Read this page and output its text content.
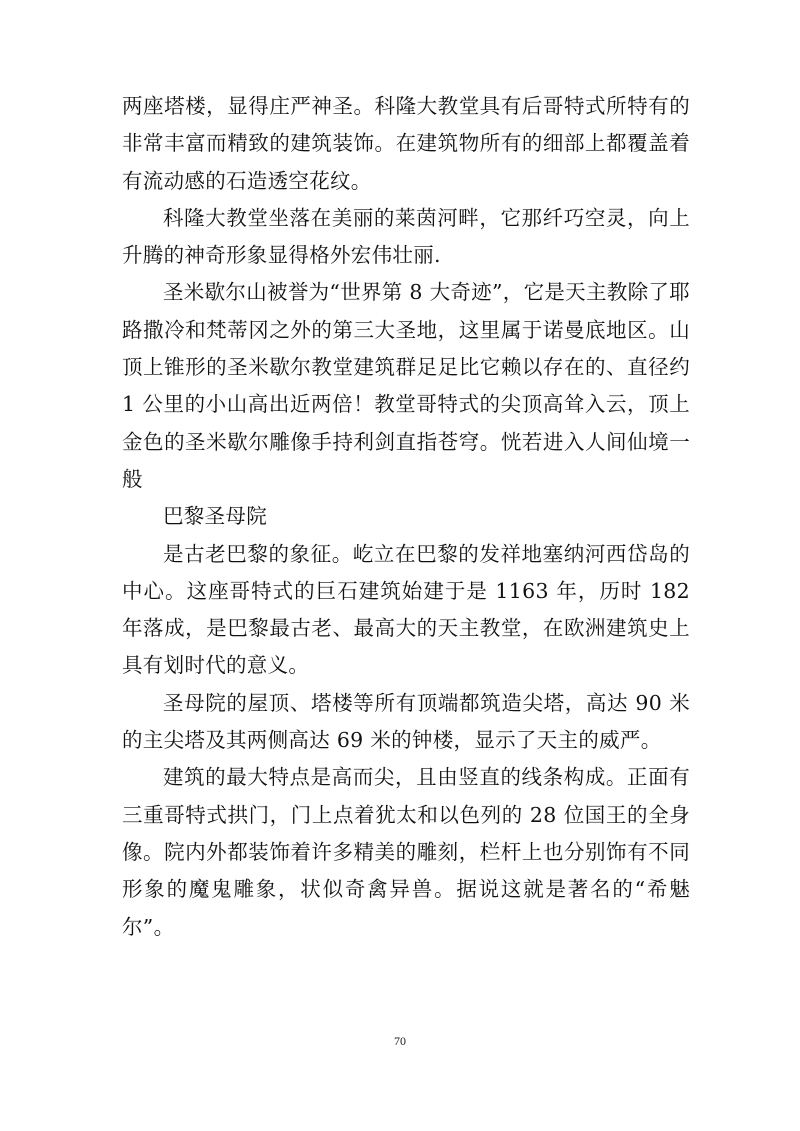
两座塔楼，显得庄严神圣。科隆大教堂具有后哥特式所特有的非常丰富而精致的建筑装饰。在建筑物所有的细部上都覆盖着有流动感的石造透空花纹。

科隆大教堂坐落在美丽的莱茵河畔，它那纤巧空灵，向上升腾的神奇形象显得格外宏伟壮丽.

圣米歇尔山被誉为“世界第 8 大奇迹”，它是天主教除了耶路撒冷和梵蒂冈之外的第三大圣地，这里属于诺曼底地区。山顶上锥形的圣米歇尔教堂建筑群足足比它赖以存在的、直径约 1 公里的小山高出近两倍！教堂哥特式的尖顶高耸入云，顶上金色的圣米歇尔雕像手持利剑直指苍穹。恍若进入人间仙境一般

巴黎圣母院

是古老巴黎的象征。屹立在巴黎的发祥地塞纳河西岱岛的中心。这座哥特式的巨石建筑始建于是 1163 年，历时 182 年落成，是巴黎最古老、最高大的天主教堂，在欧洲建筑史上具有划时代的意义。

圣母院的屋顶、塔楼等所有顶端都筑造尖塔，高达 90 米的主尖塔及其两侧高达 69 米的钟楼，显示了天主的威严。

建筑的最大特点是高而尖，且由竖直的线条构成。正面有三重哥特式拱门，门上点着犹太和以色列的 28 位国王的全身像。院内外都装饰着许多精美的雕刻，栏杆上也分别饰有不同形象的魔鬼雕象，状似奇禽异兽。据说这就是著名的“希魅尔”。

70
